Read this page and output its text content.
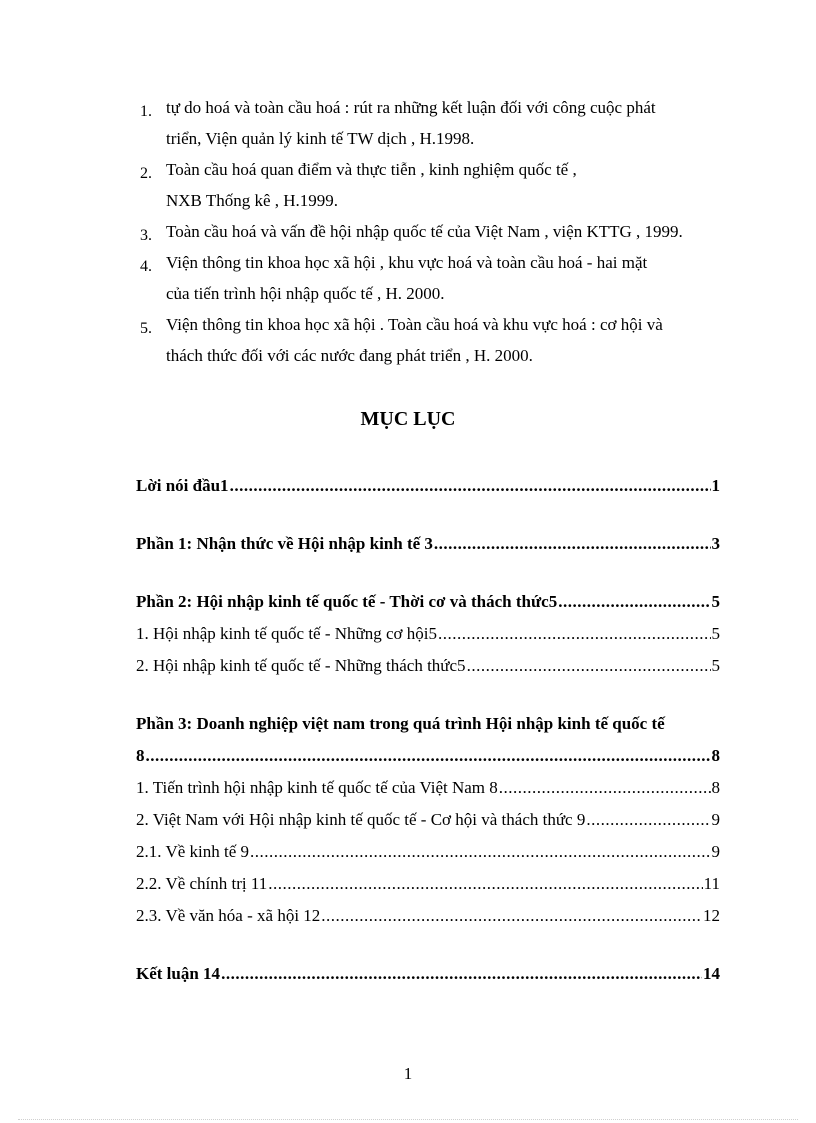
1. tự do hoá và toàn cầu hoá : rút ra những kết luận đối với công cuộc phát
triển, Viện quản lý kinh tế TW dịch , H.1998.
2. Toàn cầu hoá quan điểm và thực tiễn , kinh nghiệm quốc tế ,
NXB Thống kê , H.1999.
3. Toàn cầu hoá và vấn đề hội nhập quốc tế của Việt Nam , viện KTTG , 1999.
4. Viện thông tin khoa học xã hội , khu vực hoá và toàn cầu hoá - hai mặt
của tiến trình hội nhập quốc tế , H. 2000.
5. Viện thông tin khoa học xã hội . Toàn cầu hoá và khu vực hoá : cơ hội và
thách thức đối với các nước đang phát triển , H. 2000.
MỤC LỤC
Lời nói đầu1 .....	1
Phần 1: Nhận thức về Hội nhập kinh tế 3 .....	3
Phần 2: Hội nhập kinh tế quốc tế - Thời cơ và thách thức5 .....	5
1. Hội nhập kinh tế quốc tế - Những cơ hội5 .....	5
2. Hội nhập kinh tế quốc tế - Những thách thức5 .....	5
Phần 3: Doanh nghiệp việt nam trong quá trình Hội nhập kinh tế quốc tế
8 .....	8
1. Tiến trình hội nhập kinh tế quốc tế của Việt Nam 8 .....	8
2. Việt Nam với Hội nhập kinh tế quốc tế - Cơ hội và thách thức 9 .....	9
2.1. Về kinh tế 9 .....	9
2.2. Về chính trị 11 .....	11
2.3. Về văn hóa - xã hội 12 .....	12
Kết luận 14 .....	14
1
